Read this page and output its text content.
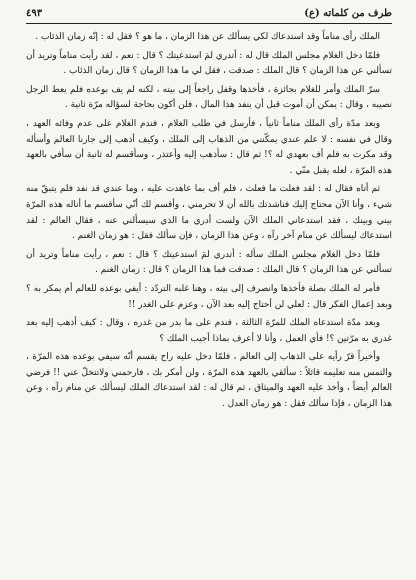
طرف من كلماته (ع)
٤٩٣

الملك رأى مناماً وقد استدعاك لكي يسألك عن هذا الزمان ، ما هو ؟ فقل له : إنّه زمان الذئاب .

فلمّا دخل الغلام مجلس الملك قال له : أتدري لمَ استدعيتك ؟ قال : نعم ، لقد رأيت مناماً وتريد أن تسألني عن هذا الزمان ؟ قال الملك : صدقت ، فقل لي ما هذا الزمان ؟ قال زمان الذئاب .

سرّ الملك وأمر للغلام بجائزة ، فأخذها وقفل راجعاً إلى بيته ، لكنه لم يف بوعده فلم يعط الرجل نصيبه ، وقال : يمكن أن أموت قبل أن ينفد هذا المال ، فلن أكون بحاجة لسؤاله مرّة ثانية .

وبعد مدّة رأى الملك مناماً ثانياً ، فأرسل في طلب الغلام ، فندم الغلام على عدم وفائه العهد ، وقال في نفسه : لا علم عندي يمكّنني من الذهاب إلى الملك ، وكيف أذهب إلى جارنا العالم وأسأله وقد مكرت به فلم أف بعهدي له ؟! ثم قال : سأذهب إليه وأعتذر ، وسأقسم له ثانية أن سأفي بالعهد هذه المرّة ، لعله يقبل منّي .

ثم أتاه فقال له : لقد فعلت ما فعلت ، فلم أف بما عاهدت عليه ، وما عندي قد نفد فلم يتبقّ منه شيء ، وأنا الآن محتاج إليك فناشدتك بالله أن لا تحرمني ، وأقسم لك أنّي سأقسم ما أناله هذه المرّة بيني وبينك ، فقد استدعاني الملك الآن ولست أدري ما الذي سيسألني عنه ، فقال العالم : لقد استدعاك ليسألك عن منام آخر رآه ، وعن هذا الزمان ، فإن سألك فقل : هو زمان الغنم .

فلمّا دخل الغلام مجلس الملك سأله : أتدري لمَ استدعيتك ؟ قال : نعم ، رأيت مناماً وتريد أن تسألني عن هذا الزمان ؟ قال الملك : صدقت فما هذا الزمان ؟ قال : زمان الغنم .

فأمر له الملك بصلة فأخذها وانصرف إلى بيته ، وهنا غلبه التردّد : أيفي بوعده للعالم أم يمكر به ؟ وبعد إعمال الفكر قال : لعلي لن أحتاج إليه بعد الآن ، وعزم على الغدر !!

وبعد مدّة استدعاه الملك للمرّة الثالثة ، فندم على ما بدر من غدره ، وقال : كيف أذهب إليه بعد غدري به مرّتين ؟! فأي العمل ، وأنا لا أعرف بماذا أجيب الملك ؟

وأخيراً قرّ رأيه على الذهاب إلى العالم ، فلمّا دخل عليه راح يقسم أنّه سيفي بوعده هذه المرّة ، والتمس منه تعليمه قائلاً : سألقي بالعهد هذه المرّة ، ولن أمكر بك ، فارحمني ولاتتخلّ عني !! فرضي العالم أيضاً ، وأخذ عليه العهد والميثاق ، ثم قال له : لقد استدعاك الملك ليسألك عن منام رآه ، وعن هذا الزمان ، فإذا سألك فقل : هو زمان العدل .
